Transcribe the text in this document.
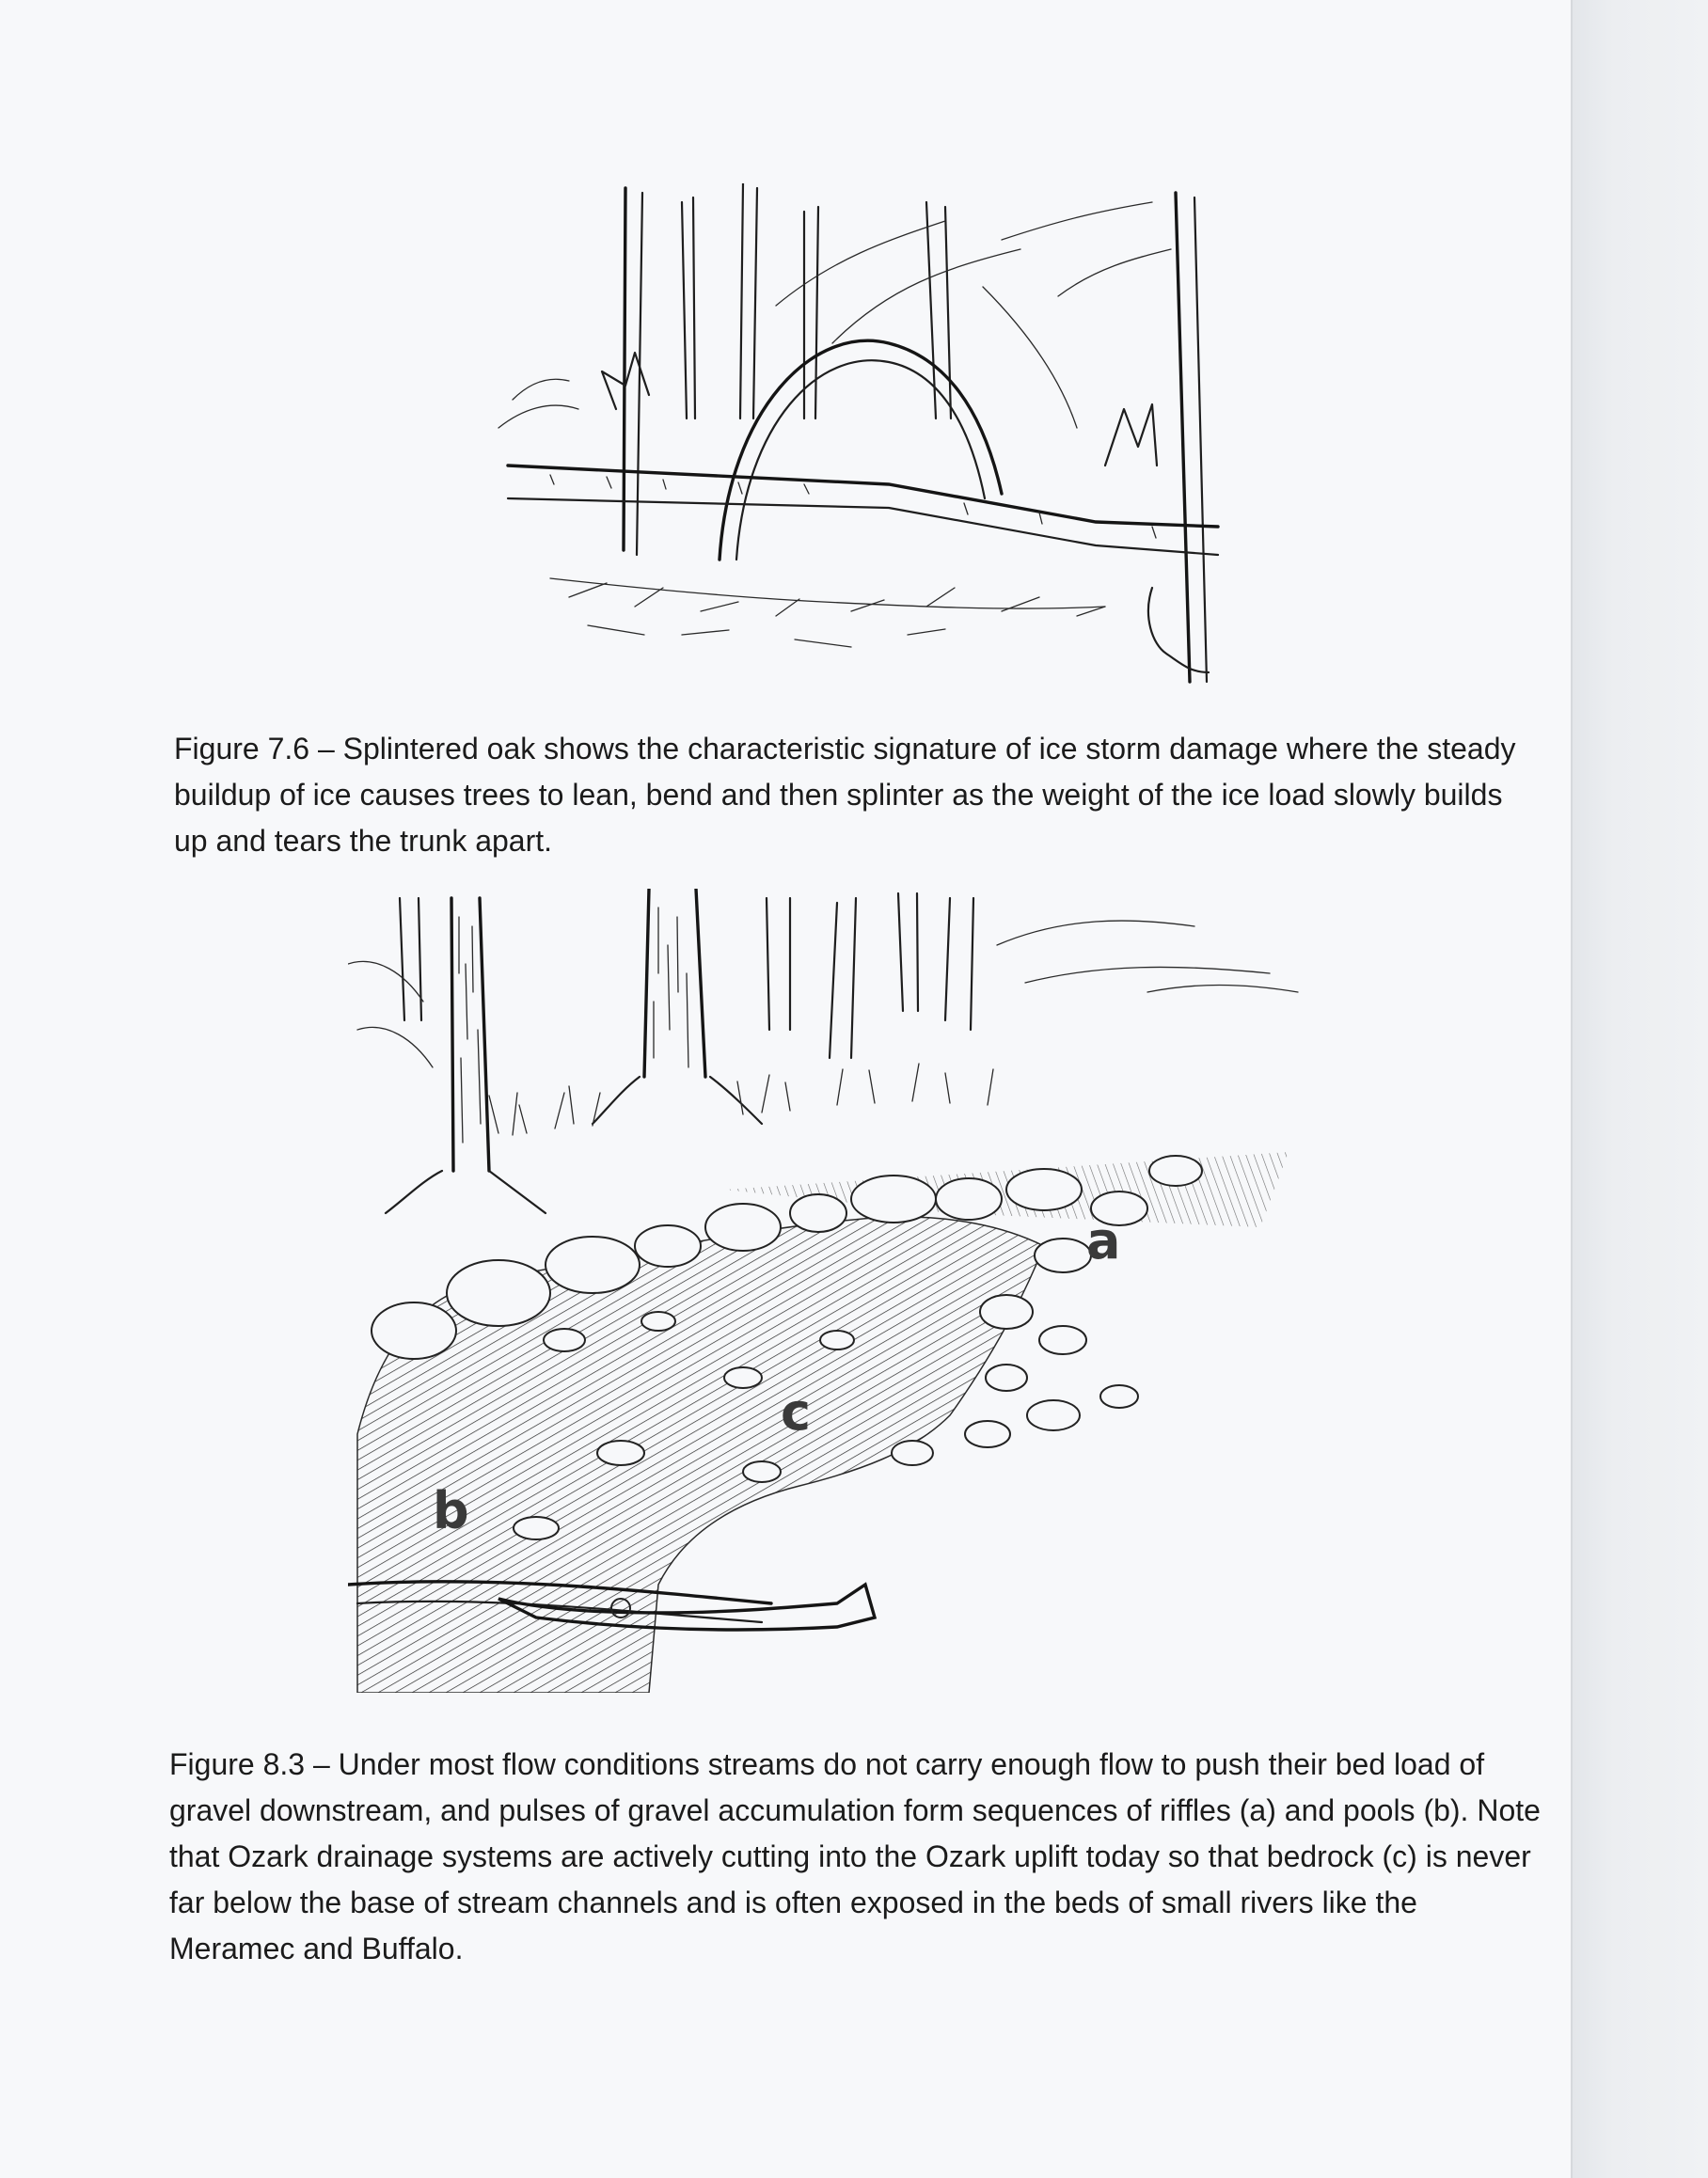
Figure 7.6 – Splintered oak shows the characteristic signature of ice storm damage where the steady buildup of ice causes trees to lean, bend and then splinter as the weight of the ice load slowly builds up and tears the trunk apart.

a
b
c

Figure 8.3 – Under most flow conditions streams do not carry enough flow to push their bed load of gravel downstream, and pulses of gravel accumulation form sequences of riffles (a) and pools (b). Note that Ozark drainage systems are actively cutting into the Ozark uplift today so that bedrock (c) is never far below the base of stream channels and is often exposed in the beds of small rivers like the Meramec and Buffalo.
